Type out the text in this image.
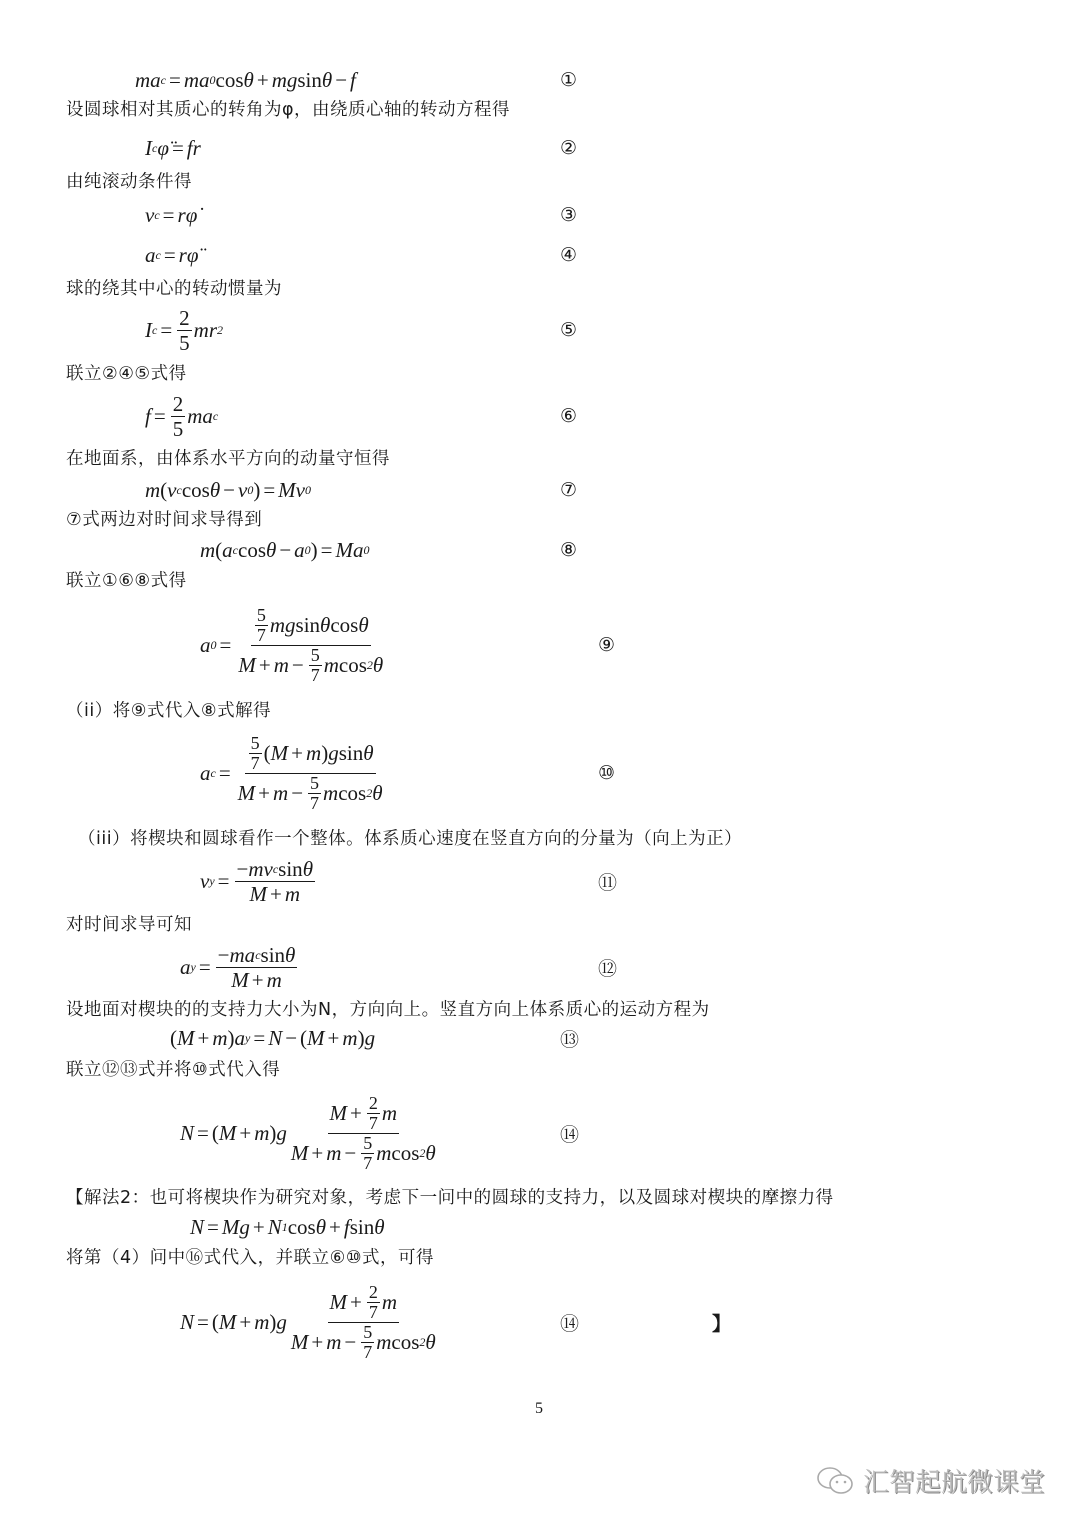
设圆球相对其质心的转角为φ，由绕质心轴的转动方程得
由纯滚动条件得
球的绕其中心的转动惯量为
联立②④⑤式得
在地面系，由体系水平方向的动量守恒得
⑦式两边对时间求导得到
联立①⑥⑧式得
（ii）将⑨式代入⑧式解得
（iii）将楔块和圆球看作一个整体。体系质心速度在竖直方向的分量为（向上为正）
对时间求导可知
设地面对楔块的的支持力大小为N，方向向上。竖直方向上体系质心的运动方程为
联立⑫⑬式并将⑩式代入得
【解法2：也可将楔块作为研究对象，考虑下一问中的圆球的支持力，以及圆球对楔块的摩擦力得
将第（4）问中⑯式代入，并联立⑥⑩式，可得
ma c = ma 0 cos θ + mg sin θ − f	①
I c φ̈ = fr	②
v c = r φ̇	③
a c = r φ̈	④
I $c = \frac{2}{5}$ mr 2	⑤
$f = \frac{2}{5}$ ma c	⑥
m ( v c cos θ − v 0 ) = Mv 0	⑦
m ( a c cos θ − a 0 ) = Ma 0	⑧
a $0 = \frac{\frac{5}{7} mg \sin \theta \cos \theta}{M + m - \frac{5}{7} m \cos 2 \theta}$	⑨
a $c = \frac{\frac{5}{7} ( M + m ) g \sin \theta}{M + m - \frac{5}{7} m \cos 2 \theta}$	⑩
v $y = \frac{\text{− mv c sin θ}}{M + m}$	⑪
a $y = \frac{\text{− ma c sin θ}}{M + m}$	⑫
( M + m ) a y = N − ( M + m ) g	⑬
N = ( M + m ) g $\frac{M + \frac{2}{7} m}{M + m - \frac{5}{7} m \cos 2 \theta}$	⑭
N = Mg + N 1 cos θ + f sin θ
N = ( M + m ) g $\frac{M + \frac{2}{7} m}{M + m - \frac{5}{7} m \cos 2 \theta}$	⑭	】
5
汇智起航微课堂
